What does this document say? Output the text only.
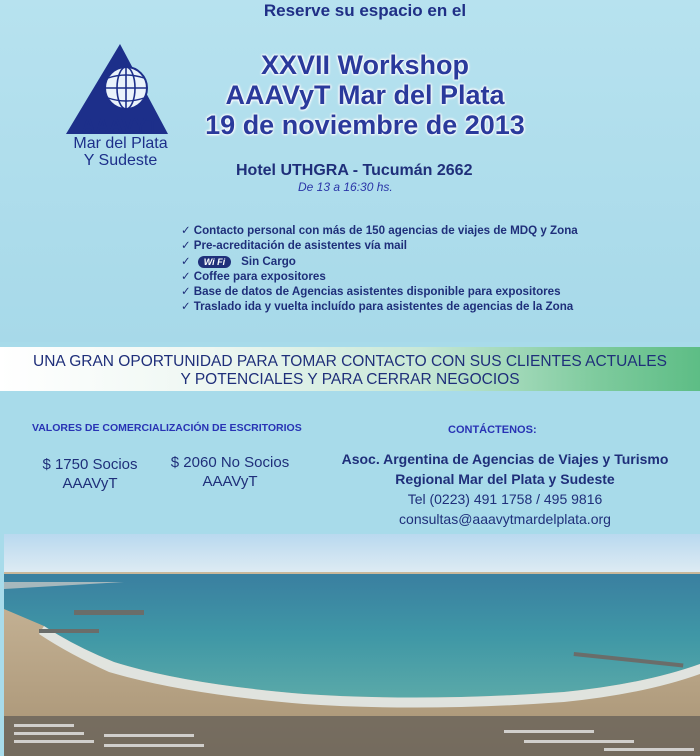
Reserve su espacio en el
AAAVYT
Mar del Plata
Y Sudeste
XXVII Workshop
AAAVyT Mar del Plata
19 de noviembre de 2013
Hotel UTHGRA - Tucumán 2662
De 13 a 16:30 hs.
✓ Contacto personal con más de 150 agencias de viajes de MDQ y Zona
✓ Pre-acreditación de asistentes vía mail
✓ Wi Fi Sin Cargo
✓ Coffee para expositores
✓ Base de datos de Agencias asistentes disponible para expositores
✓ Traslado ida y vuelta incluído para asistentes de agencias de la Zona
UNA GRAN OPORTUNIDAD PARA TOMAR CONTACTO CON SUS CLIENTES ACTUALES
Y POTENCIALES Y PARA CERRAR NEGOCIOS
VALORES DE COMERCIALIZACIÓN DE ESCRITORIOS
$ 1750 Socios
AAAVyT
$ 2060 No Socios
AAAVyT
CONTÁCTENOS:
Asoc. Argentina de Agencias de Viajes y Turismo
Regional Mar del Plata y Sudeste
Tel (0223) 491 1758 / 495 9816
consultas@aaavytmardelplata.org
